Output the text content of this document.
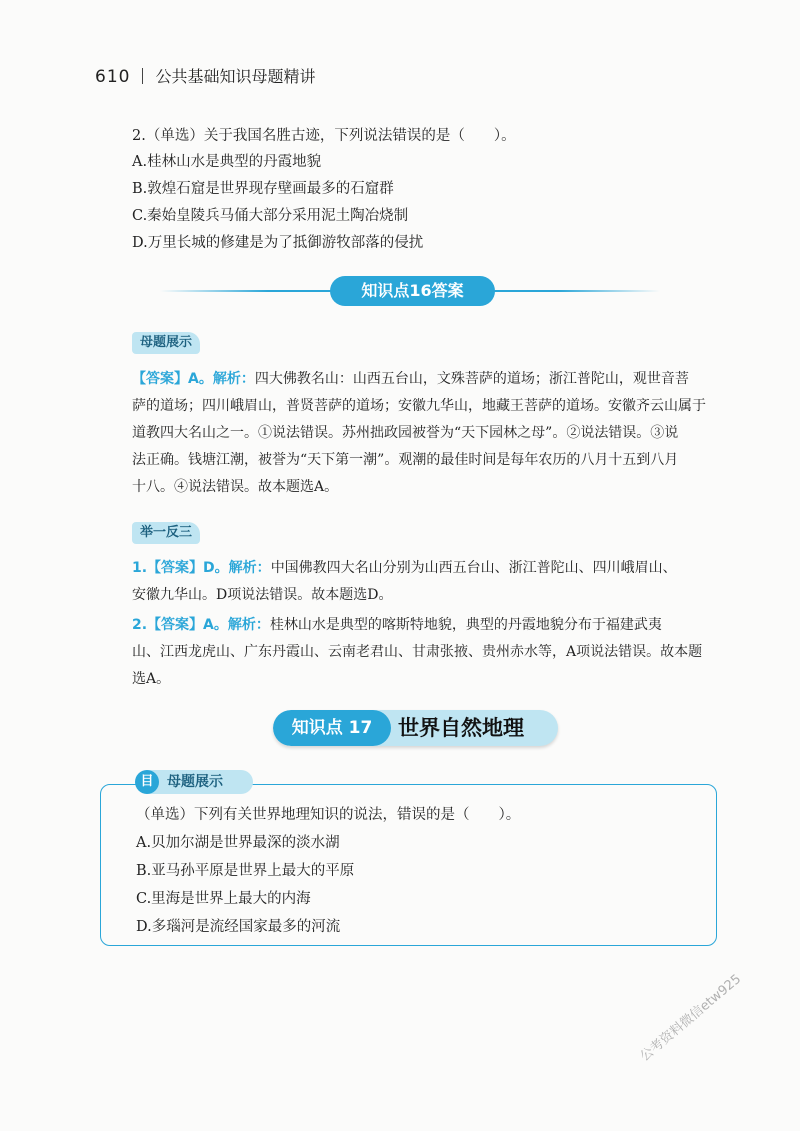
610 公共基础知识母题精讲
2.（单选）关于我国名胜古迹，下列说法错误的是（　　）。
A.桂林山水是典型的丹霞地貌
B.敦煌石窟是世界现存壁画最多的石窟群
C.秦始皇陵兵马俑大部分采用泥土陶冶烧制
D.万里长城的修建是为了抵御游牧部落的侵扰
知识点16答案
母题展示
【答案】A。解析：四大佛教名山：山西五台山，文殊菩萨的道场；浙江普陀山，观世音菩
萨的道场；四川峨眉山，普贤菩萨的道场；安徽九华山，地藏王菩萨的道场。安徽齐云山属于
道教四大名山之一。①说法错误。苏州拙政园被誉为“天下园林之母”。②说法错误。③说
法正确。钱塘江潮，被誉为“天下第一潮”。观潮的最佳时间是每年农历的八月十五到八月
十八。④说法错误。故本题选A。
举一反三
1.【答案】D。解析：中国佛教四大名山分别为山西五台山、浙江普陀山、四川峨眉山、
安徽九华山。D项说法错误。故本题选D。
2.【答案】A。解析：桂林山水是典型的喀斯特地貌，典型的丹霞地貌分布于福建武夷
山、江西龙虎山、广东丹霞山、云南老君山、甘肃张掖、贵州赤水等，A项说法错误。故本题
选A。
知识点 17	世界自然地理
目 母题展示
（单选）下列有关世界地理知识的说法，错误的是（　　）。
A.贝加尔湖是世界最深的淡水湖
B.亚马孙平原是世界上最大的平原
C.里海是世界上最大的内海
D.多瑙河是流经国家最多的河流
公考资料微信etw925
